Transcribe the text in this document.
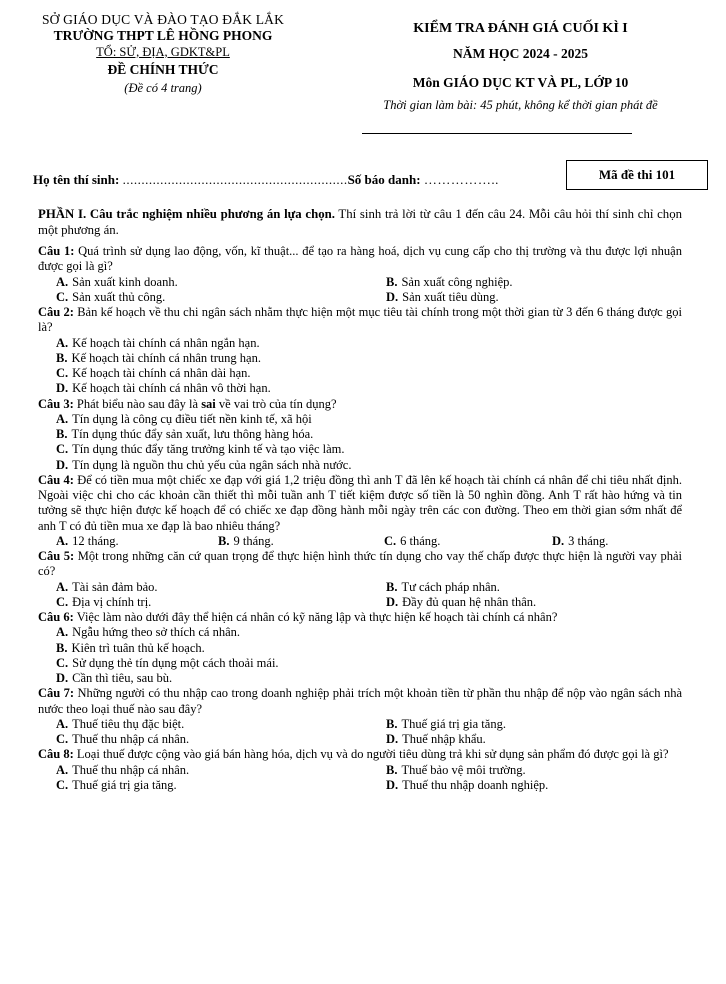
SỞ GIÁO DỤC VÀ ĐÀO TẠO ĐẮK LẮK
TRƯỜNG THPT LÊ HỒNG PHONG
TỔ: SỬ, ĐỊA, GDKT&PL
ĐỀ CHÍNH THỨC
(Đề có 4 trang)
KIỂM TRA ĐÁNH GIÁ CUỐI KÌ I
NĂM HỌC 2024 - 2025
Môn GIÁO DỤC KT VÀ PL, LỚP 10
Thời gian làm bài: 45 phút, không kể thời gian phát đề
Họ tên thí sinh: ............................................................Số báo danh: ……………..	Mã đề thi 101

PHẦN I. Câu trắc nghiệm nhiều phương án lựa chọn. Thí sinh trả lời từ câu 1 đến câu 24. Mỗi câu hỏi thí sinh chỉ chọn một phương án.

Câu 1: Quá trình sử dụng lao động, vốn, kĩ thuật... để tạo ra hàng hoá, dịch vụ cung cấp cho thị trường và thu được lợi nhuận được gọi là gì?

A. Sản xuất kinh doanh.	B. Sản xuất công nghiệp.
C. Sản xuất thủ công.	D. Sản xuất tiêu dùng.

Câu 2: Bản kế hoạch về thu chi ngân sách nhằm thực hiện một mục tiêu tài chính trong một thời gian từ 3 đến 6 tháng được gọi là?

A. Kế hoạch tài chính cá nhân ngắn hạn.
B. Kế hoạch tài chính cá nhân trung hạn.
C. Kế hoạch tài chính cá nhân dài hạn.
D. Kế hoạch tài chính cá nhân vô thời hạn.

Câu 3: Phát biểu nào sau đây là sai về vai trò của tín dụng?

A. Tín dụng là công cụ điều tiết nền kinh tế, xã hội
B. Tín dụng thúc đẩy sản xuất, lưu thông hàng hóa.
C. Tín dụng thúc đẩy tăng trưởng kinh tế và tạo việc làm.
D. Tín dụng là nguồn thu chủ yếu của ngân sách nhà nước.

Câu 4: Để có tiền mua một chiếc xe đạp với giá 1,2 triệu đồng thì anh T đã lên kế hoạch tài chính cá nhân để chi tiêu nhất định. Ngoài việc chi cho các khoản cần thiết thì mỗi tuần anh T tiết kiệm được số tiền là 50 nghìn đồng. Anh T rất hào hứng và tin tưởng sẽ thực hiện được kế hoạch để có chiếc xe đạp đồng hành mỗi ngày trên các con đường. Theo em thời gian sớm nhất để anh T có đủ tiền mua xe đạp là bao nhiêu tháng?

A. 12 tháng.	B. 9 tháng.	C. 6 tháng.	D. 3 tháng.

Câu 5: Một trong những căn cứ quan trọng để thực hiện hình thức tín dụng cho vay thế chấp được thực hiện là người vay phải có?

A. Tài sản đảm bảo.	B. Tư cách pháp nhân.
C. Địa vị chính trị.	D. Đầy đủ quan hệ nhân thân.

Câu 6: Việc làm nào dưới đây thể hiện cá nhân có kỹ năng lập và thực hiện kế hoạch tài chính cá nhân?

A. Ngẫu hứng theo sở thích cá nhân.
B. Kiên trì tuân thủ kế hoạch.
C. Sử dụng thẻ tín dụng một cách thoải mái.
D. Cần thì tiêu, sau bù.

Câu 7: Những người có thu nhập cao trong doanh nghiệp phải trích một khoản tiền từ phần thu nhập để nộp vào ngân sách nhà nước theo loại thuế nào sau đây?

A. Thuế tiêu thụ đặc biệt.	B. Thuế giá trị gia tăng.
C. Thuế thu nhập cá nhân.	D. Thuế nhập khẩu.

Câu 8: Loại thuế được cộng vào giá bán hàng hóa, dịch vụ và do người tiêu dùng trả khi sử dụng sản phẩm đó được gọi là gì?

A. Thuế thu nhập cá nhân.	B. Thuế bảo vệ môi trường.
C. Thuế giá trị gia tăng.	D. Thuế thu nhập doanh nghiệp.
